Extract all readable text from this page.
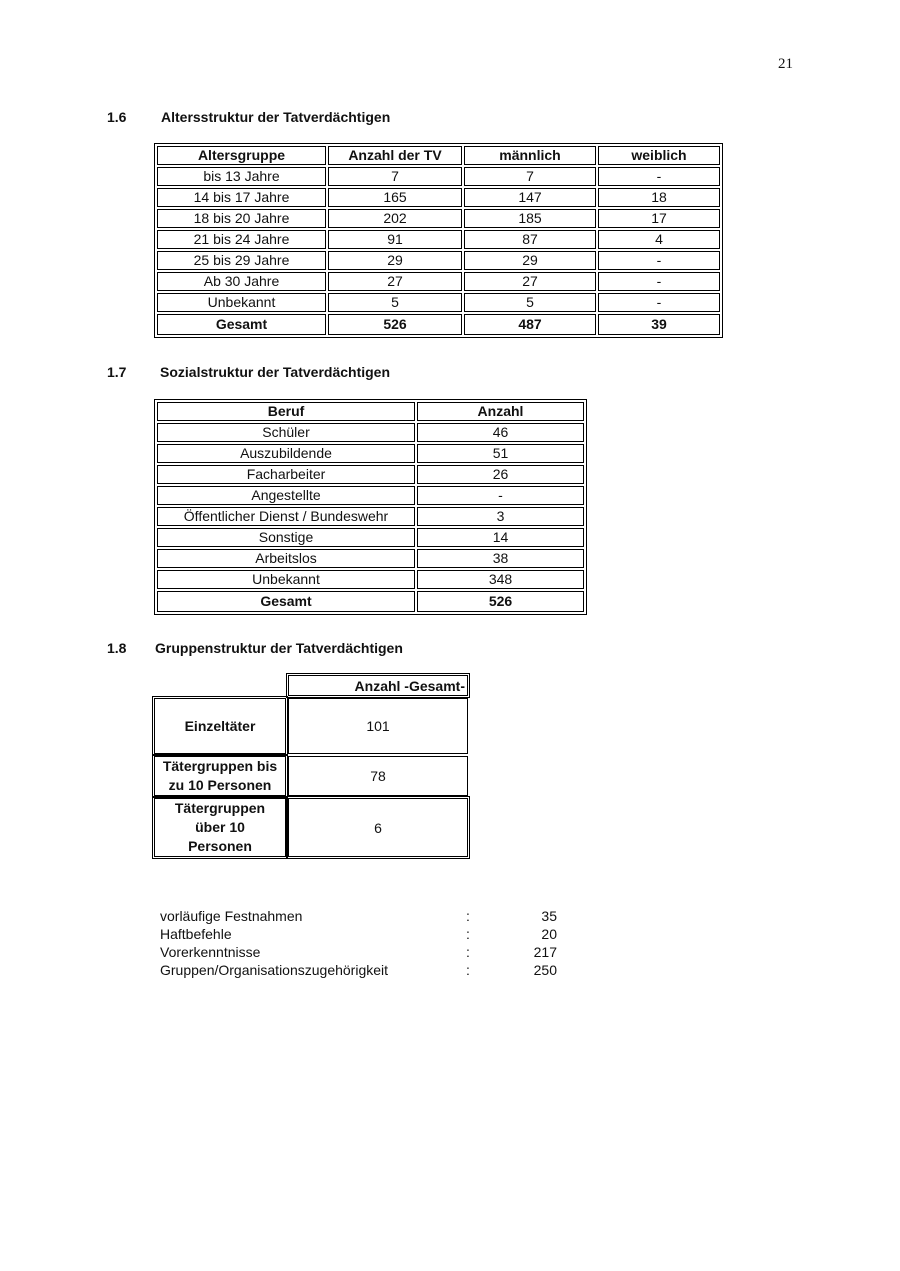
21
1.6 Altersstruktur der Tatverdächtigen
Altersgruppe	Anzahl der TV	männlich	weiblich
bis 13 Jahre	7	7	-
14 bis 17 Jahre	165	147	18
18 bis 20 Jahre	202	185	17
21 bis 24 Jahre	91	87	4
25 bis 29 Jahre	29	29	-
Ab 30 Jahre	27	27	-
Unbekannt	5	5	-
Gesamt	526	487	39
1.7 Sozialstruktur der Tatverdächtigen
Beruf	Anzahl
Schüler	46
Auszubildende	51
Facharbeiter	26
Angestellte	-
Öffentlicher Dienst / Bundeswehr	3
Sonstige	14
Arbeitslos	38
Unbekannt	348
Gesamt	526
1.8 Gruppenstruktur der Tatverdächtigen
	Anzahl -Gesamt-
Einzeltäter	101
Tätergruppen bis zu 10 Personen	78
Tätergruppen über 10 Personen	6
vorläufige Festnahmen	:	35
Haftbefehle	:	20
Vorerkenntnisse	:	217
Gruppen/Organisationszugehörigkeit	:	250
